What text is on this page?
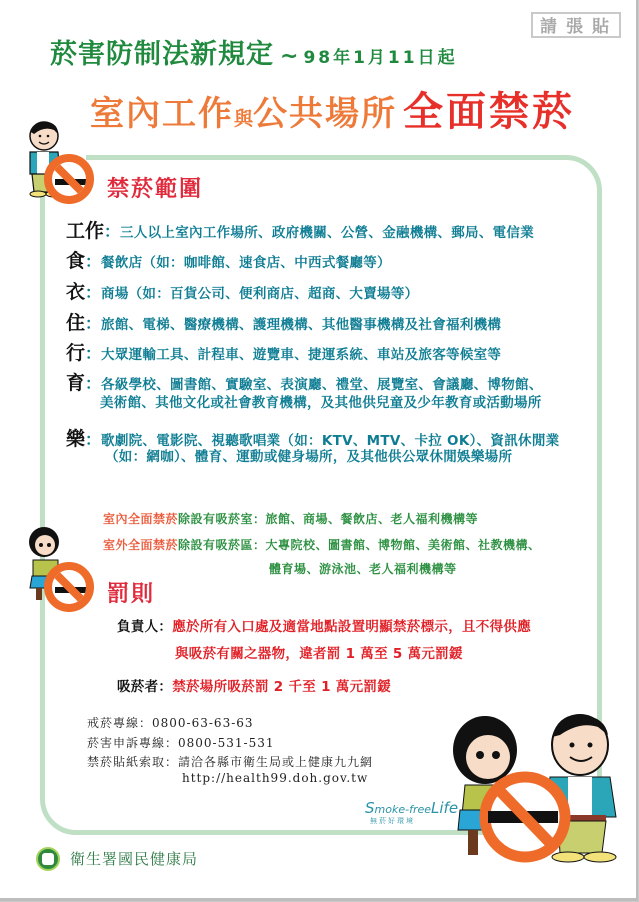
請張貼
菸害防制法新規定 ~ 98年1月11日起
室內工作與公共場所 全面禁菸
禁菸範圍
工作：三人以上室內工作場所、政府機關、公營、金融機構、郵局、電信業
食：餐飲店（如：咖啡館、速食店、中西式餐廳等）
衣：商場（如：百貨公司、便利商店、超商、大賣場等）
住：旅館、電梯、醫療機構、護理機構、其他醫事機構及社會福利機構
行：大眾運輸工具、計程車、遊覽車、捷運系統、車站及旅客等候室等
育：各級學校、圖書館、實驗室、表演廳、禮堂、展覽室、會議廳、博物館、
美術館、其他文化或社會教育機構，及其他供兒童及少年教育或活動場所
樂：歌劇院、電影院、視聽歌唱業（如：KTV、MTV、卡拉 OK）、資訊休閒業
（如：網咖）、體育、運動或健身場所，及其他供公眾休閒娛樂場所
室內全面禁菸除設有吸菸室：旅館、商場、餐飲店、老人福利機構等
室外全面禁菸除設有吸菸區：大專院校、圖書館、博物館、美術館、社教機構、
體育場、游泳池、老人福利機構等
罰則
負責人：應於所有入口處及適當地點設置明顯禁菸標示，且不得供應
與吸菸有關之器物，違者罰 1 萬至 5 萬元罰鍰
吸菸者：禁菸場所吸菸罰 2 千至 1 萬元罰鍰
戒菸專線：0800-63-63-63
菸害申訴專線：0800-531-531
禁菸貼紙索取：請洽各縣市衛生局或上健康九九網
http://health99.doh.gov.tw
Smoke-freeLife
無菸好環境
衛生署國民健康局
